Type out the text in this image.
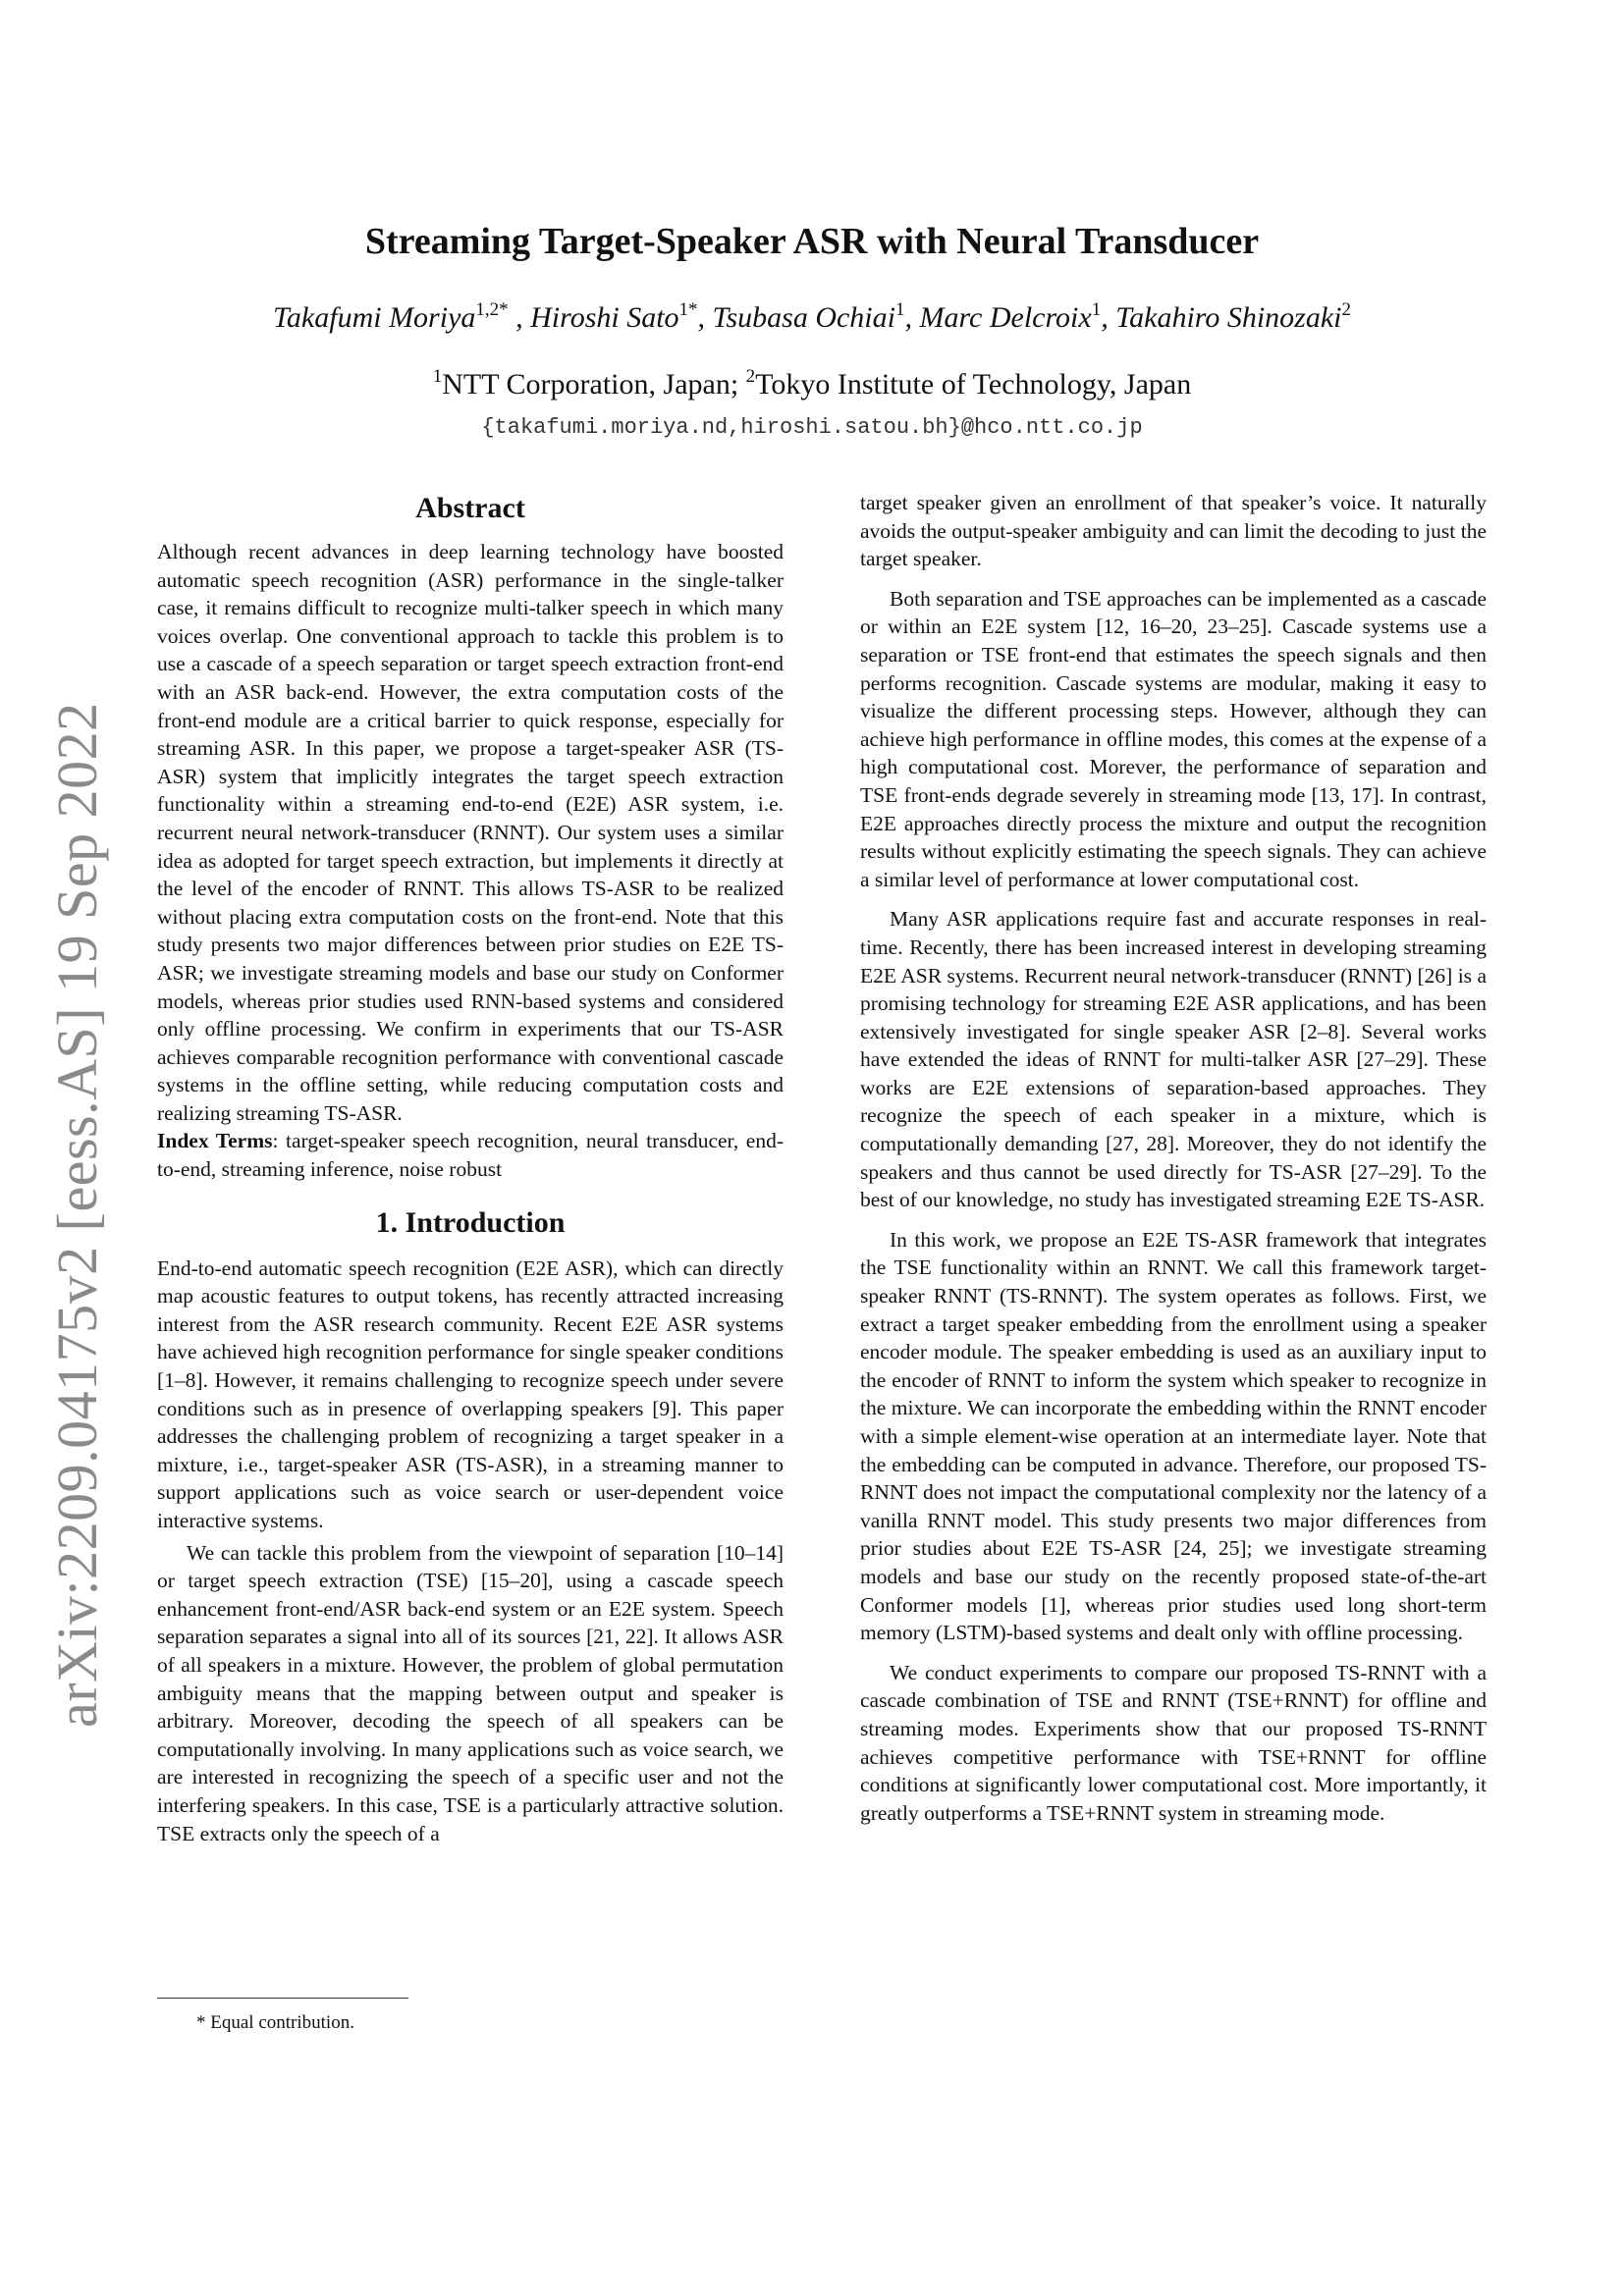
arXiv:2209.04175v2 [eess.AS] 19 Sep 2022
Streaming Target-Speaker ASR with Neural Transducer
Takafumi Moriya$^{1,2*}$ , Hiroshi Sato$^{1*}$, Tsubasa Ochiai$^1$, Marc Delcroix$^1$, Takahiro Shinozaki$^2$
$^1$NTT Corporation, Japan; $^2$Tokyo Institute of Technology, Japan
{takafumi.moriya.nd,hiroshi.satou.bh}@hco.ntt.co.jp
Abstract

Although recent advances in deep learning technology have boosted automatic speech recognition (ASR) performance in the single-talker case, it remains difficult to recognize multi-talker speech in which many voices overlap. One conventional approach to tackle this problem is to use a cascade of a speech separation or target speech extraction front-end with an ASR back-end. However, the extra computation costs of the front-end module are a critical barrier to quick response, especially for streaming ASR. In this paper, we propose a target-speaker ASR (TS-ASR) system that implicitly integrates the target speech extraction functionality within a streaming end-to-end (E2E) ASR system, i.e. recurrent neural network-transducer (RNNT). Our system uses a similar idea as adopted for target speech extraction, but implements it directly at the level of the encoder of RNNT. This allows TS-ASR to be realized without placing extra computation costs on the front-end. Note that this study presents two major differences between prior studies on E2E TS-ASR; we investigate streaming models and base our study on Conformer models, whereas prior studies used RNN-based systems and considered only offline processing. We confirm in experiments that our TS-ASR achieves comparable recognition performance with conventional cascade systems in the offline setting, while reducing computation costs and realizing streaming TS-ASR.

Index Terms: target-speaker speech recognition, neural transducer, end-to-end, streaming inference, noise robust

1. Introduction

End-to-end automatic speech recognition (E2E ASR), which can directly map acoustic features to output tokens, has recently attracted increasing interest from the ASR research community. Recent E2E ASR systems have achieved high recognition performance for single speaker conditions [1–8]. However, it remains challenging to recognize speech under severe conditions such as in presence of overlapping speakers [9]. This paper addresses the challenging problem of recognizing a target speaker in a mixture, i.e., target-speaker ASR (TS-ASR), in a streaming manner to support applications such as voice search or user-dependent voice interactive systems.

We can tackle this problem from the viewpoint of separation [10–14] or target speech extraction (TSE) [15–20], using a cascade speech enhancement front-end/ASR back-end system or an E2E system. Speech separation separates a signal into all of its sources [21, 22]. It allows ASR of all speakers in a mixture. However, the problem of global permutation ambiguity means that the mapping between output and speaker is arbitrary. Moreover, decoding the speech of all speakers can be computationally involving. In many applications such as voice search, we are interested in recognizing the speech of a specific user and not the interfering speakers. In this case, TSE is a particularly attractive solution. TSE extracts only the speech of a

target speaker given an enrollment of that speaker’s voice. It naturally avoids the output-speaker ambiguity and can limit the decoding to just the target speaker.

Both separation and TSE approaches can be implemented as a cascade or within an E2E system [12, 16–20, 23–25]. Cascade systems use a separation or TSE front-end that estimates the speech signals and then performs recognition. Cascade systems are modular, making it easy to visualize the different processing steps. However, although they can achieve high performance in offline modes, this comes at the expense of a high computational cost. Morever, the performance of separation and TSE front-ends degrade severely in streaming mode [13, 17]. In contrast, E2E approaches directly process the mixture and output the recognition results without explicitly estimating the speech signals. They can achieve a similar level of performance at lower computational cost.

Many ASR applications require fast and accurate responses in real-time. Recently, there has been increased interest in developing streaming E2E ASR systems. Recurrent neural network-transducer (RNNT) [26] is a promising technology for streaming E2E ASR applications, and has been extensively investigated for single speaker ASR [2–8]. Several works have extended the ideas of RNNT for multi-talker ASR [27–29]. These works are E2E extensions of separation-based approaches. They recognize the speech of each speaker in a mixture, which is computationally demanding [27, 28]. Moreover, they do not identify the speakers and thus cannot be used directly for TS-ASR [27–29]. To the best of our knowledge, no study has investigated streaming E2E TS-ASR.

In this work, we propose an E2E TS-ASR framework that integrates the TSE functionality within an RNNT. We call this framework target-speaker RNNT (TS-RNNT). The system operates as follows. First, we extract a target speaker embedding from the enrollment using a speaker encoder module. The speaker embedding is used as an auxiliary input to the encoder of RNNT to inform the system which speaker to recognize in the mixture. We can incorporate the embedding within the RNNT encoder with a simple element-wise operation at an intermediate layer. Note that the embedding can be computed in advance. Therefore, our proposed TS-RNNT does not impact the computational complexity nor the latency of a vanilla RNNT model. This study presents two major differences from prior studies about E2E TS-ASR [24, 25]; we investigate streaming models and base our study on the recently proposed state-of-the-art Conformer models [1], whereas prior studies used long short-term memory (LSTM)-based systems and dealt only with offline processing.

We conduct experiments to compare our proposed TS-RNNT with a cascade combination of TSE and RNNT (TSE+RNNT) for offline and streaming modes. Experiments show that our proposed TS-RNNT achieves competitive performance with TSE+RNNT for offline conditions at significantly lower computational cost. More importantly, it greatly outperforms a TSE+RNNT system in streaming mode.

* Equal contribution.
